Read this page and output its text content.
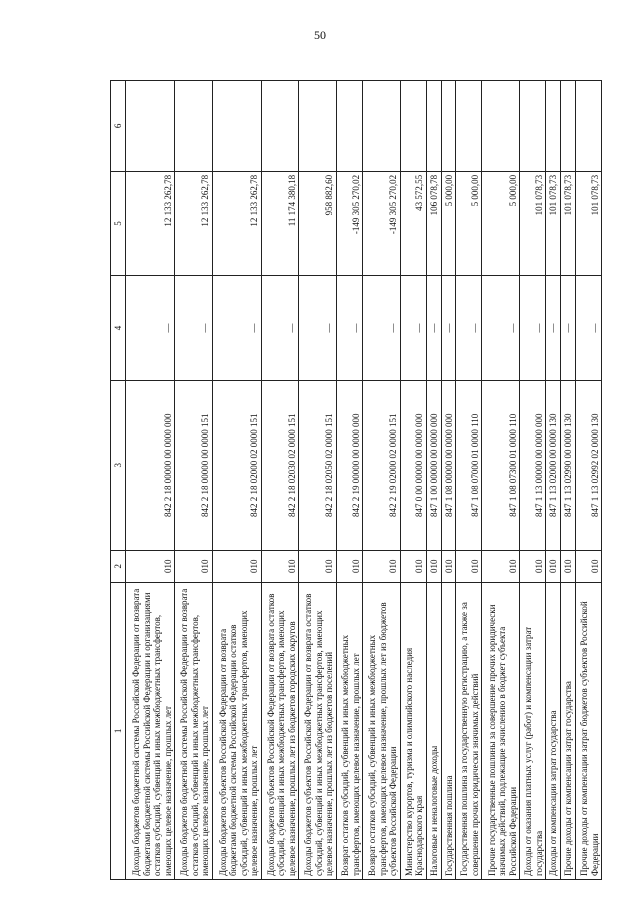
50
1	2	3	4	5	6
Доходы бюджетов бюджетной системы Российской Федерации от возврата бюджетами бюджетной системы Российской Федерации и организациями остатков субсидий, субвенций и иных межбюджетных трансфертов, имеющих целевое назначение, прошлых лет	010	842 2 18 00000 00 0000 000	—	12 133 262,78	
Доходы бюджетов бюджетной системы Российской Федерации от возврата остатков субсидий, субвенций и иных межбюджетных трансфертов, имеющих целевое назначение, прошлых лет	010	842 2 18 00000 00 0000 151	—	12 133 262,78	
Доходы бюджетов субъектов Российской Федерации от возврата бюджетами бюджетной системы Российской Федерации остатков субсидий, субвенций и иных межбюджетных трансфертов, имеющих целевое назначение, прошлых лет	010	842 2 18 02000 02 0000 151	—	12 133 262,78	
Доходы бюджетов субъектов Российской Федерации от возврата остатков субсидий, субвенций и иных межбюджетных трансфертов, имеющих целевое назначение, прошлых лет из бюджетов городских округов	010	842 2 18 02030 02 0000 151	—	11 174 380,18	
Доходы бюджетов субъектов Российской Федерации от возврата остатков субсидий, субвенций и иных межбюджетных трансфертов, имеющих целевое назначение, прошлых лет из бюджетов поселений	010	842 2 18 02050 02 0000 151	—	958 882,60	
Возврат остатков субсидий, субвенций и иных межбюджетных трансфертов, имеющих целевое назначение, прошлых лет	010	842 2 19 00000 00 0000 000	—	-149 305 270,02	
Возврат остатков субсидий, субвенций и иных межбюджетных трансфертов, имеющих целевое назначение, прошлых лет из бюджетов субъектов Российской Федерации	010	842 2 19 02000 02 0000 151	—	-149 305 270,02	
Министерство курортов, туризма и олимпийского наследия Краснодарского края	010	847 0 00 00000 00 0000 000	—	43 572,55	
Налоговые и неналоговые доходы	010	847 1 00 00000 00 0000 000	—	106 078,78	
Государственная пошлина	010	847 1 08 00000 00 0000 000	—	5 000,00	
Государственная пошлина за государственную регистрацию, а также за совершение прочих юридически значимых действий	010	847 1 08 07000 01 0000 110	—	5 000,00	
Прочие государственные пошлины за совершение прочих юридически значимых действий, подлежащие зачислению в бюджет субъекта Российской Федерации	010	847 1 08 07300 01 0000 110	—	5 000,00	
Доходы от оказания платных услуг (работ) и компенсации затрат государства	010	847 1 13 00000 00 0000 000	—	101 078,73	
Доходы от компенсации затрат государства	010	847 1 13 02000 00 0000 130	—	101 078,73	
Прочие доходы от компенсации затрат государства	010	847 1 13 02990 00 0000 130	—	101 078,73	
Прочие доходы от компенсации затрат бюджетов субъектов Российской Федерации	010	847 1 13 02992 02 0000 130	—	101 078,73	
